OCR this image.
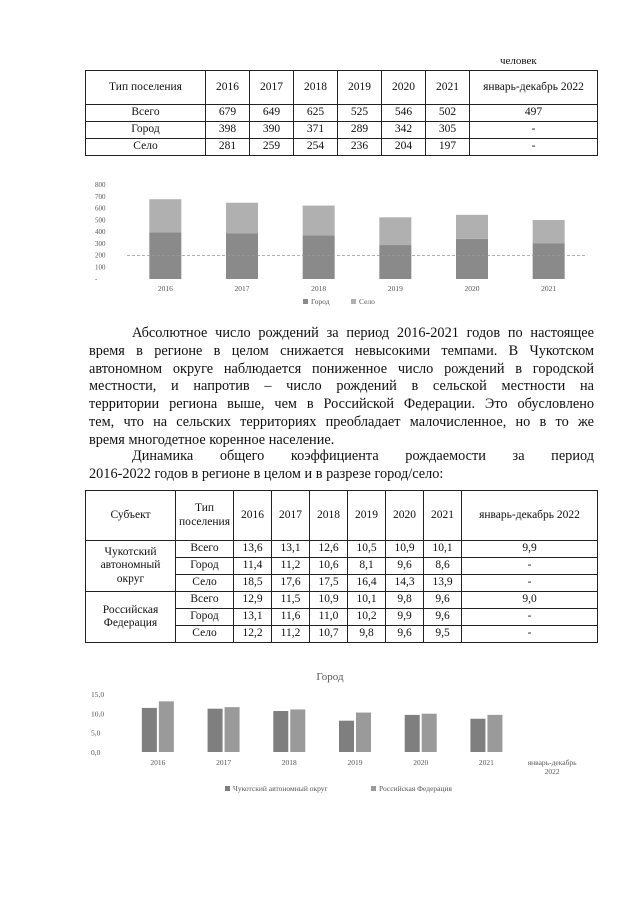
человек
Тип поселения	2016	2017	2018	2019	2020	2021	январь-декабрь 2022
Всего	679	649	625	525	546	502	497
Город	398	390	371	289	342	305	-
Село	281	259	254	236	204	197	-
-
100
200
300
400
500
600
700
800
2016	2017	2018	2019	2020	2021
Город	Село
Абсолютное число рождений за период 2016-2021 годов по настоящее
время в регионе в целом снижается невысокими темпами. В Чукотском
автономном округе наблюдается пониженное число рождений в городской
местности, и напротив – число рождений в сельской местности на
территории региона выше, чем в Российской Федерации. Это обусловлено
тем, что на сельских территориях преобладает малочисленное, но в то же
время многодетное коренное население.
Динамика общего коэффициента рождаемости за период
2016-2022 годов в регионе в целом и в разрезе город/село:
Субъект	Тип поселения	2016	2017	2018	2019	2020	2021	январь-декабрь 2022
Чукотский автономный округ	Всего	13,6	13,1	12,6	10,5	10,9	10,1	9,9
	Город	11,4	11,2	10,6	8,1	9,6	8,6	-
	Село	18,5	17,6	17,5	16,4	14,3	13,9	-
Российская Федерация	Всего	12,9	11,5	10,9	10,1	9,8	9,6	9,0
	Город	13,1	11,6	11,0	10,2	9,9	9,6	-
	Село	12,2	11,2	10,7	9,8	9,6	9,5	-
Город
0,0
5,0
10,0
15,0
2016	2017	2018	2019	2020	2021	январь-декабрь 2022
Чукотский автономный округ	Российская Федерация
